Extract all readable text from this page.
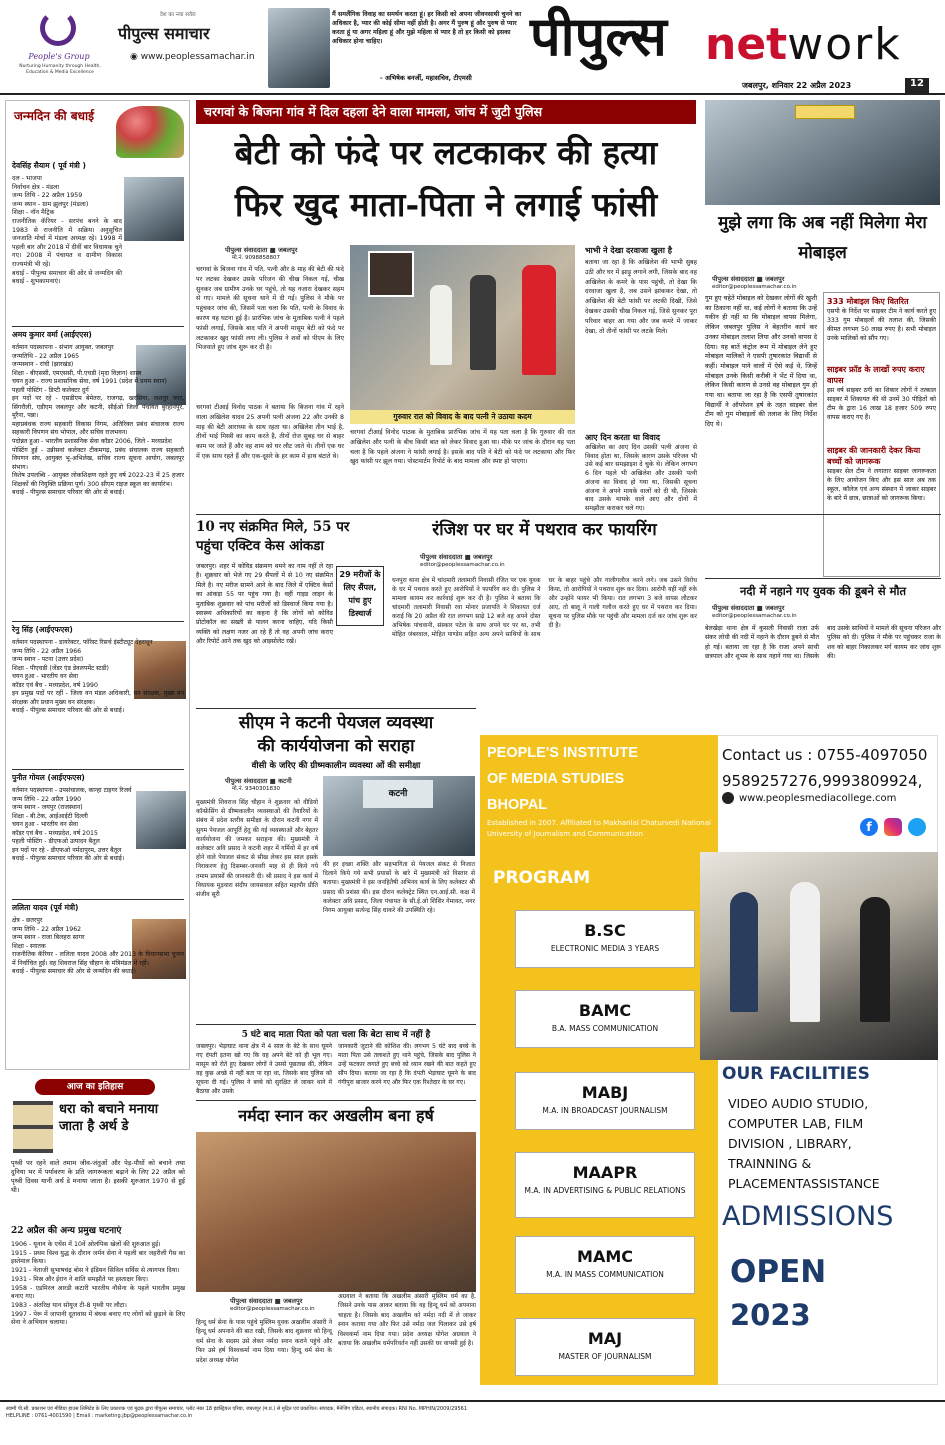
People's Group
Nurturing Humanity through Health, Education & Media Excellence
पीपुल्स समाचार
देश का नया सवेरा
◉ www.peoplessamachar.in
मैं समलैंगिक विवाह का समर्थन करता हूं। हर किसी को अपना जीवनसाथी चुनने का अधिकार है, प्यार की कोई सीमा नहीं होती है। अगर मैं पुरुष हूं और पुरुष से प्यार करता हूं या अगर महिला हूं और मुझे महिला से प्यार है तो हर किसी को इसका अधिकार होना चाहिए।
- अभिषेक बनर्जी, महासचिव, टीएमसी
पीपुल्स network
जबलपुर, शनिवार 22 अप्रैल 2023	12
जन्मदिन की बधाई
देवसिंह सैयाम ( पूर्व मंत्री )
दल - भाजपा
निर्वाचन क्षेत्र - मंडला
जन्म तिथि - 22 अप्रैल 1959
जन्म स्थान - ग्राम झुलपुर (मंडला)
शिक्षा - नॉन मैट्रिक
राजनीतिक कॅरियर - सरपंच बनने के बाद 1983 से राजनीति में सक्रिय। अनुसूचित जनजाति मोर्चा में मंडला अध्यक्ष रहे। 1998 में पहली बार और 2018 में दीवीं बार विधायक चुने गए। 2008 में पंचायत व ग्रामीण विकास राज्यमंत्री भी रहे।
बधाई - पीपुल्स समाचार की ओर से जन्मदिन की बधाई - शुभकामनाएं।
अमय कुमार वर्मा (आईएएस)
वर्तमान पदस्थापना - संभाग आयुक्त, जबलपुर
जन्मतिथि - 22 अप्रैल 1965
जन्मस्थान - रांची (झारखंड)
शिक्षा - बीएससी, एमएससी, पी.एचडी (मृदा विज्ञान) शास्त्र
चयन हुआ - राज्य प्रशासनिक सेवा, वर्ष 1991 (प्रदेश में प्रथम स्थान)
पहली पोस्टिंग - डिप्टी कलेक्टर दुर्ग
इन पदों पर रहे - एसडीएम बेमेतरा, राजगढ़, खरसिया, जशपुर नगर, सिंगरौली, एडीएम जबलपुर और कटनी, सीईओ जिला पंचायत बुरहानपुर, मुरैना, पन्ना।
महाप्रबंधक राज्य सहकारी विकास निगम, अतिरिक्त प्रबंध संचालक राज्य सहकारी विपणन संघ भोपाल, और सचिव राजभवन।
पदोन्नत हुआ - भारतीय प्रशासनिक सेवा कॉडर 2006, जिले - मध्यप्रदेश
पोस्टिंग हुई - उन्नीसवां कलेक्टर टीकमगढ़, प्रबंध संचालक राज्य सहकारी विपणन संघ, आयुक्त भू-अभिलेख, सचिव राज्य सूचना आयोग, जबलपुर संभाग।
विशेष उपलब्धि - आयुक्त लोकशिक्षण रहते हुए वर्ष 2022-23 में 25 हजार शिक्षकों की नियुक्ति प्रक्रिया पूर्ण। 300 सीएम राइज स्कूल का कार्यारंभ।
बधाई - पीपुल्स समाचार परिवार की ओर से बधाई।
रेनु सिंह (आईएफएस)
वर्तमान पदस्थापना - डायरेक्टर, फॉरेस्ट रिसर्च इंस्टीट्यूट देहरादून
जन्म तिथि - 22 अप्रैल 1966
जन्म स्थान - पटना (उत्तर प्रदेश)
शिक्षा - पीएचडी (जेंडर एंड डेवलपमेंट स्टडी)
चयन हुआ - भारतीय वन सेवा
कॉडर एवं बैच - मध्यप्रदेश, वर्ष 1990
इन प्रमुख पदों पर रहीं - जिला वन मंडल अधिकारी, वन संरक्षक, मुख्य वन संरक्षक और प्रधान मुख्य वन संरक्षक।
बधाई - पीपुल्स समाचार परिवार की ओर से बधाई।
पुनीत गोयल (आईएफएस)
वर्तमान पदस्थापना - उपसंचालक, कान्हा टाइगर रिजर्व
जन्म तिथि - 22 अप्रैल 1990
जन्म स्थान - जयपुर (राजस्थान)
शिक्षा - बी.टेक, आईआईटी दिल्ली
चयन हुआ - भारतीय वन सेवा
कॉडर एवं बैच - मध्यप्रदेश, वर्ष 2015
पहली पोस्टिंग - डीएफओ उत्पादन बैतूल
इन पदों पर रहे - डीएफओ नर्मदापुरम, उत्तर बैतूल
बधाई - पीपुल्स समाचार परिवार की ओर से बधाई।
ललिता यादव (पूर्व मंत्री)
क्षेत्र - छतरपुर
जन्म तिथि - 22 अप्रैल 1962
जन्म स्थान - राजा बिलहरा सागर
शिक्षा - स्नातक
राजनीतिक कॅरियर - ललिता यादव 2008 और 2013 के विधानसभा चुनाव में निर्वाचित हुईं। वह शिवराज सिंह चौहान के मंत्रिमंडल में रहीं।
बधाई - पीपुल्स समाचार की ओर से जन्मदिन की बधाई।
आज का इतिहास
धरा को बचाने मनाया जाता है अर्थ डे
पृथ्वी पर रहने वाले तमाम जीव-जंतुओं और पेड़-पौधों को बचाने तथा दुनिया भर में पर्यावरण के प्रति जागरूकता बढ़ाने के लिए 22 अप्रैल को पृथ्वी दिवस यानी अर्थ डे मनाया जाता है। इसकी शुरुआत 1970 से हुई थी।
22 अप्रैल की अन्य प्रमुख घटनाएं
1906 - यूनान के एथेंस में 10वें ओलंपिक खेलों की शुरुआत हुई।
1915 - प्रथम विश्व युद्ध के दौरान जर्मन सेना ने पहली बार जहरीली गैस का इस्तेमाल किया।
1921 - नेताजी सुभाषचंद्र बोस ने इंडियन सिविल सर्विस से त्यागपत्र दिया।
1931 - मिस्र और ईरान ने शांति समझौते पर हस्ताक्षर किए।
1958 - एडमिरल आरडी कटारी भारतीय नौसेना के पहले भारतीय प्रमुख बनाए गए।
1983 - अंतरिक्ष यान सोयूज टी-8 पृथ्वी पर लौटा।
1997 - पेरू में जापानी दूतावास में बंधक बनाए गए लोगों को छुड़ाने के लिए सेना ने अभियान चलाया।
चरगवां के बिजना गांव में दिल दहला देने वाला मामला, जांच में जुटी पुलिस
बेटी को फंदे पर लटकाकर की हत्या
फिर खुद माता-पिता ने लगाई फांसी
पीपुल्स संवाददाता ■ जबलपुर
मो.नं. 9098858807
चरगवां के बिजना गांव में पति, पत्नी और 8 माह की बेटी की फंदे पर लटका देखकर उसके परिजन की चीख निकल गई, चीख सुनकर जब ग्रामीण उनके घर पहुंचे, तो यह नजारा देखकर सहम से गए। मामले की सूचना थाने में दी गई। पुलिस ने मौके पर पहुंचकर जांच की, जिसमें पता चला कि पति, पत्नी के विवाद के कारण यह घटना हुई है। प्रारंभिक जांच के मुताबिक पत्नी ने पहले फांसी लगाई, जिसके बाद पति ने अपनी मासूम बेटी को फंदे पर लटकाकर खुद फांसी लगा ली। पुलिस ने शवों को पीएम के लिए भिजवाते हुए जांच शुरू कर दी है।
चरगवां टीआई विनोद पाठक ने बताया कि बिजना गांव में रहने वाला अखिलेश यादव 25 अपनी पत्नी अंजना 22 और उनकी 8 माह की बेटी आराध्या के साथ रहता था। अखिलेश तीन भाई है, तीनों भाई मिस्त्री का काम करते है, तीनों रोज सुबह घर से बाहर काम पर जाते हैं और वह शाम को घर लौट जाते थे। तीनों एक घर में एक साथ रहते हैं और एक-दूसरे के हर काम में हाथ बंटाते थे।
गुरुवार रात को विवाद के बाद पत्नी ने उठाया कदम
चरगवां टीआई विनोद पाठक के मुताबिक प्रारंभिक जांच में यह पता चला है कि गुरुवार की रात अखिलेश और पत्नी के बीच किसी बात को लेकर विवाद हुआ था। मौके पर जांच के दौरान यह पता चला है कि पहले अंजना ने फांसी लगाई है। इसके बाद पति ने बेटी को फंदे पर लटकाया और फिर खुद फांसी पर झूल गया। पोस्टमार्टम रिपोर्ट के बाद मामला और स्पष्ट हो पाएगा।
भाभी ने देखा दरवाजा खुला है
बताया जा रहा है कि अखिलेश की भाभी सुबह उठी और घर में झाड़ू लगाने लगी, जिसके बाद वह अखिलेश के कमरे के पास पहुंची, तो देखा कि दरवाजा खुला है, जब उसने झांककर देखा, तो अखिलेश की बेटी फांसी पर लटकी दिखी, जिसे देखकर उसकी चीख निकल गई, जिसे सुनकर पूरा परिवार बाहर आ गया और जब कमरे में जाकर देखा, तो तीनों फांसी पर लटके मिले।
आए दिन करता था विवाद
अखिलेश का आए दिन उसकी पत्नी अंजना से विवाद होता था, जिसके कारण उसके परिजन भी उसे कई बार समझाइश दे चुके थे। लेकिन लगभग 6 दिन पहले भी अखिलेश और उसकी पत्नी अंजना का विवाद हो गया था, जिसकी सूचना अंजना ने अपने मायके वालों को दी थी, जिसके बाद उसके मायके वाले आए और दोनों में समझौता कराकर चले गए।
मुझे लगा कि अब नहीं मिलेगा मेरा मोबाइल
पीपुल्स संवाददाता ■ जबलपुर
editor@peoplessamachar.co.in
गुम हुए चहेते मोबाइल को देखकर लोगों की खुशी का ठिकाना नहीं था, कई लोगों ने बताया कि उन्हें यकीन ही नहीं था कि मोबाइल वापस मिलेगा, लेकिन जबलपुर पुलिस ने बेहतरीन कार्य कर उनका मोबाइल तलाश लिया और उनको वापस दे दिया। यह बातें कंट्रोल रूम में मोबाइल लेने हुए मोबाइल मालिकों ने एसपी तुषारकांत विद्यार्थी से कहीं। मोबाइल पाने वालों में ऐसे कई थे, जिन्हें मोबाइल उनके किसी करीबी ने भेंट में दिया था, लेकिन किसी कारण से उनसे वह मोबाइल गुम हो गया था। बताया जा रहा है कि एसपी तुषारकांत विद्यार्थी ने ऑपरेशन हर्ष के तहत साइबर सेल टीम को गुम मोबाइलों की तलाश के लिए निर्देश दिए थे।
333 मोबाइल किए वितरित
एसपी के निर्देश पर साइबर टीम ने कार्य करते हुए 333 गुम मोबाइलों की तलाश की, जिसकी कीमत लगभग 50 लाख रुपए है। सभी मोबाइल उनके मालिकों को सौंप गए।
साइबर फ्रॉड के लाखों रुपए कराए वापस
इस वर्ष साइबर ठगी का शिकार लोगों ने तत्काल साइबर में शिकायत की थी उनमें 30 पीड़ितों को टीम के द्वारा 16 लाख 18 हजार 509 रुपए वापस कराए गए हैं।
साइबर की जानकारी देकर किया बच्चों को जागरूक
साइबर सेल टीम ने लगातार साइबर जागरूकता के लिए आयोजन किए और इस साल अब तक स्कूल, कॉलेज एवं अन्य संस्थान में जाकर साइबर के बारे में छात्र, छात्राओं को जागरूक किया।
10 नए संक्रमित मिले, 55 पर पहुंचा एक्टिव केस आंकडा
जबलपुर। शहर में कोविड संक्रमण थमने का नाम नहीं ले रहा है। शुक्रवार को भेजे गए 29 सैंपलों में से 10 नए संक्रमित मिले है। नए मरीज सामने आने के बाद जिले में एक्टिव केसों का आंकड़ा 55 पर पहुंच गया है। वहीं गाइड लाइन के मुताबिक शुक्रवार को पांच मरीजों को डिस्चार्ज किया गया है। स्वास्थ्य अधिकारियों का कहना है कि लोगों को कोविड प्रोटोकॉल का सख्ती से पालन करना चाहिए, यदि किसी व्यक्ति को लक्षण नजर आ रहे हैं तो वह अपनी जांच कराए और रिपोर्ट आने तक खुद को आइसोलेट रखें।
29 मरीजों के लिए सैंपल, पांच हुए डिस्चार्ज
रंजिश पर घर में पथराव कर फायरिंग
पीपुल्स संवाददाता ■ जबलपुर
editor@peoplessamachar.co.in
धनपुरा थाना क्षेत्र में चांदमारी तलामारी निवासी रंजित पर एक युवक के घर में पथराव करते हुए आरोपियों ने फायरिंग कर दी। पुलिस ने मामला कायम कर कार्रवाई शुरू कर दी है। पुलिस ने बताया कि चांदमारी तलामारी निवासी रवा मोनार प्रजापति ने शिकायत दर्ज कराई कि 20 अप्रैल की रात लगभग साढ़े 12 बजे वह अपने दोस्त अभिषेक पांचवानी, संस्कार पटेल के साथ अपने घर पर था, तभी मोहित जंबरवाल, मोहित पाण्डेय सहित अन्य अपने साथियों के साथ घर के बाहर पहुंचे और गालीगलौज करने लगे। जब उसने विरोध किया, तो आरोपियों ने पथराव शुरू कर दिया। आरोपी यहीं नहीं रुके और उन्होंने फायर भी किया। रात लगभग 3 बजे वापस लौटकर आए, तो बालू ने गाली गलौज करते हुए घर में पथराव कर दिया। सूचना पर पुलिस मौके पर पहुंची और मामला दर्ज कर जांच शुरू कर दी है।
नदी में नहाने गए युवक की डूबने से मौत
पीपुल्स संवाददाता ■ जबलपुर
editor@peoplessamachar.co.in
बेलखेड़ा थाना क्षेत्र में कुसली निवासी राजा उर्फ संकर लोधी की नदी में नहाने के दौरान डूबने से मौत हो गई। बताया जा रहा है कि राजा अपने साथी छत्रपाल और शुभम के साथ नहाने गया था। जिसके बाद उसके साथियों ने मामले की सूचना परिजन और पुलिस को दी। पुलिस ने मौके पर पहुंचकर राजा के शव को बाहर निकालकर मर्ग कायम कर जांच शुरू की।
सीएम ने कटनी पेयजल व्यवस्था
की कार्ययोजना को सराहा
वीसी के जरिए की ग्रीष्मकालीन व्यवस्था ओं की समीक्षा
पीपुल्स संवाददाता ■ कटनी
मो.नं. 9340301830	कटनी
मुख्यमंत्री शिवराज सिंह चौहान ने शुक्रवार को वीडियो कॉन्फ्रेंसिंग से ग्रीष्मकालीन व्यवस्थाओं की तैयारियों के संबंध में प्रदेश स्तरीय समीक्षा के दौरान कटनी नगर में सुगम पेयजल आपूर्ति हेतु की गई व्यवस्थाओं और बेहतर कार्ययोजना की जमकर सराहना की। मुख्यमंत्री ने कलेक्टर अवि प्रसाद ने कटनी शहर में गर्मियों में हर वर्ष होने वाले पेयजल संकट से सीख लेकर इस साल इसके निराकरण हेतु दिसम्बर-जनवरी माह से ही किये गये तमाम प्रयासों की जानकारी दी। श्री प्रसाद ने इस कार्य में विधायक मुड़वारा संदीप जायसवाल सहित महापौर प्रीति संजीव सूरी
की हर इच्छा शक्ति और सहभागिता से पेयजल संकट से निजात दिलाने किये गये सभी प्रयासों के बारे में मुख्यमंत्री को विस्तार से बताया। मुख्यमंत्री ने इस जनहितैषी अभिनव कार्य के लिए कलेक्टर श्री प्रसाद की प्रशंसा की। इस दौरान कलेक्ट्रेट स्थित एन.आई.सी. कक्ष में कलेक्टर अवि प्रसाद, जिला पंचायत के सी.ई.ओ शिशिर गेमावत, नगर निगम आयुक्त सत्येन्द्र सिंह धाकरे की उपस्थिति रहे।
5 घंटे बाद माता पिता को पता चला कि बेटा साथ में नहीं है
जबलपुर। भेड़ाघाट थाना क्षेत्र में 4 साल के बेटे के साथ घूमने गए दंपती इतना खो गए कि वह अपने बेटे को ही भूल गए। मासूम को रोते हुए देखकर लोगों ने उससे पूछताछ की, लेकिन वह कुछ अच्छे से नहीं बता पा रहा था, जिसके बाद पुलिस को सूचना दी गई। पुलिस ने बच्चे को सुरक्षित ले जाकर थाने में बैठाया और उसके
जानकारी जुटाने की कोशिश की। लगभग 5 घंटे बाद बच्चे के माता पिता उसे तलाशते हुए थाने पहुंचे, जिसके बाद पुलिस ने उन्हें फटकार लगाते हुए बच्चे को ध्यान रखने की बात कहते हुए सौंप दिया। बताया जा रहा है कि दंपती भेड़ाघाट घूमने के बाद गंगीपुरा बाजार करने गए और फिर एक रिश्तेदार के घर गए।
नर्मदा स्नान कर अखलीम बना हर्ष
पीपुल्स संवाददाता ■ जबलपुर
editor@peoplessamachar.co.in
हिन्दू धर्म सेना के पास पहुंचे मुस्लिम युवक अखलीम अंसारी ने हिन्दू धर्म अपनाने की बात रखी, जिसके बाद शुक्रवार को हिन्दू धर्म सेना के सदस्य उसे लेकर नर्मदा स्नान कराने पहुंचे और फिर उसे हर्ष विश्वकर्मा नाम दिया गया। हिन्दू धर्म सेना के प्रदेश अध्यक्ष योगेश
अग्रवाल ने बताया कि अखलीम अंसारी मुस्लिम धर्म का है, जिसने उनके पास आकर बताया कि वह हिन्दू धर्म को अपनाना चाहता है। जिसके बाद अखलीम को नर्मदा नदी में ले जाकर स्नान कराया गया और फिर उसे नर्मदा जल पिलाकर उसे हर्ष विश्वकर्मा नाम दिया गया। प्रदेश अध्यक्ष योगेश अग्रवाल ने बताया कि अखलीम धर्मपरिवर्तन नहीं उसकी घर वापसी हुई है।
PEOPLE'S INSTITUTE
OF MEDIA STUDIES
BHOPAL
Established in 2007. Affiliated to Makhanlal Chaturvedi National University of Journalism and Communication
PROGRAM
B.SC
ELECTRONIC MEDIA 3 YEARS
BAMC
B.A. MASS COMMUNICATION
MABJ
M.A. IN BROADCAST JOURNALISM
MAAPR
M.A. IN ADVERTISING & PUBLIC RELATIONS
MAMC
M.A. IN MASS COMMUNICATION
MAJ
MASTER OF JOURNALISM
Contact us : 0755-4097050
9589257276,9993809924,
www.peoplesmediacollege.com
f
OUR FACILITIES
VIDEO AUDIO STUDIO,
COMPUTER LAB, FILM
DIVISION , LIBRARY,
TRAINNING &
PLACEMENTASSISTANCE
ADMISSIONS
OPEN
2023
स्वामी पी.सी. प्रकाशन एवं मीडिया हाउस लिमिटेड के लिए प्रकाशक एवं मुद्रक द्वारा पीपुल्स समाचार, प्लॉट नंबर 18 इंडस्ट्रियल एरिया, जबलपुर (म.प्र.) से मुद्रित एवं प्रकाशित। संपादक, मैनेजिंग एडिटर, स्थानीय संपादक। RNI No. MPHIN/2009/29561
HELPLINE : 0761-4001590 | Email : marketing.jbp@peoplessamachar.co.in
